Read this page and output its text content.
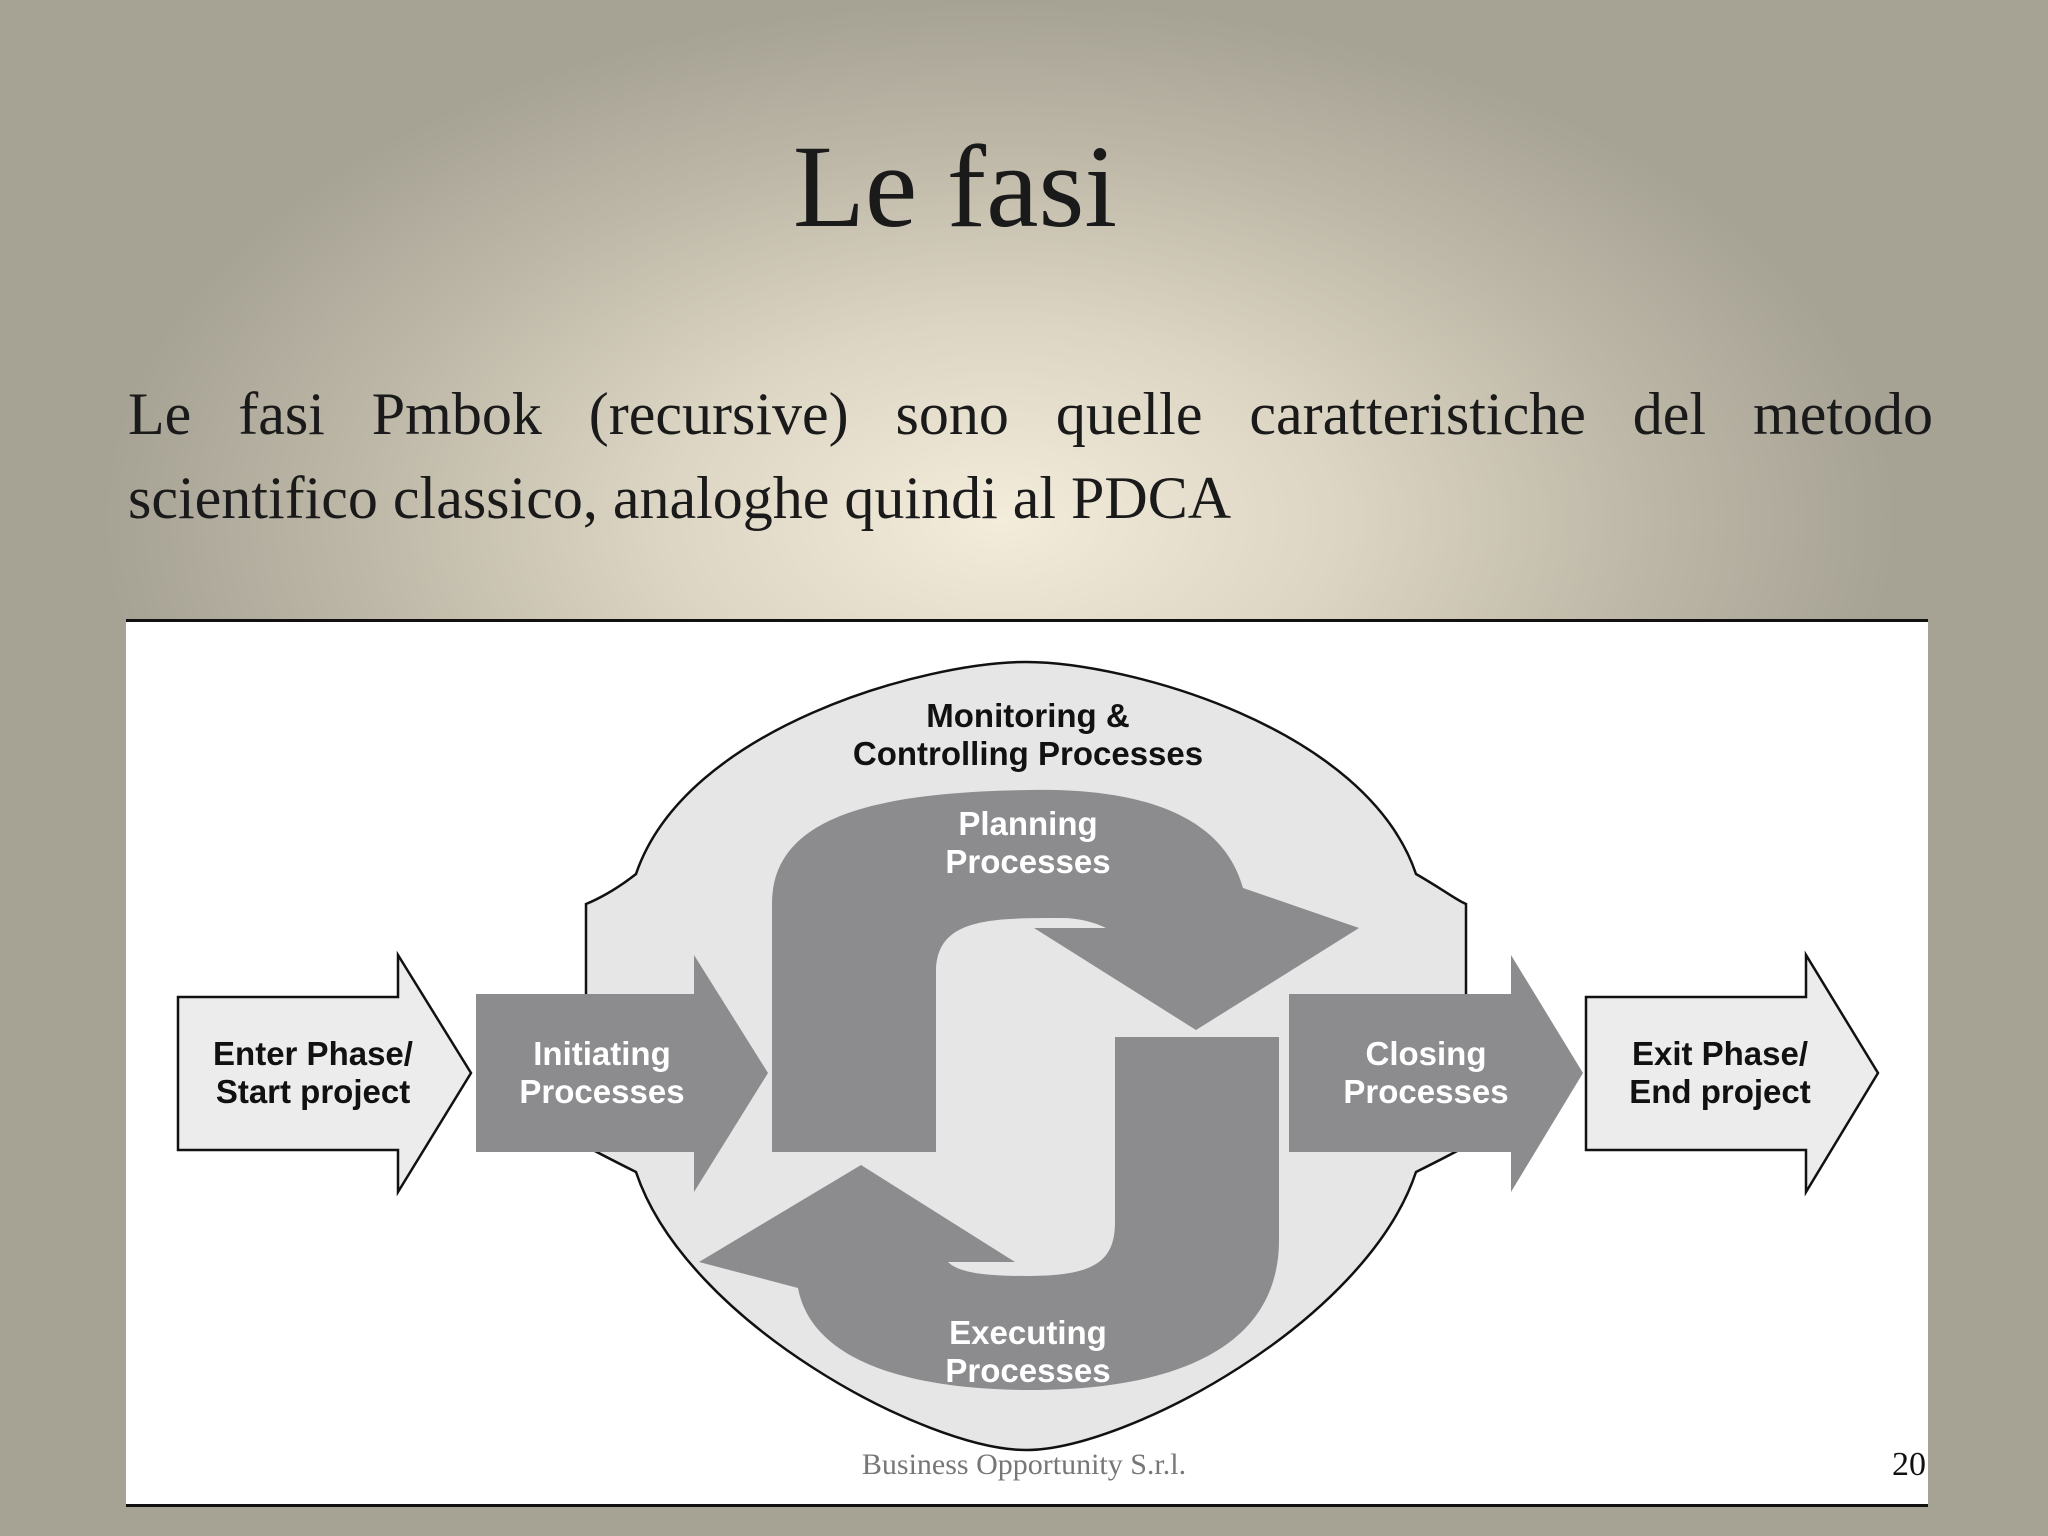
Le fasi
Le fasi Pmbok (recursive) sono quelle caratteristiche del metodo scientifico classico, analoghe quindi al PDCA
Monitoring &
Controlling Processes
Planning
Processes
Initiating
Processes
Closing
Processes
Enter Phase/
Start project
Exit Phase/
End project
Executing
Processes
Business Opportunity S.r.l.	20
